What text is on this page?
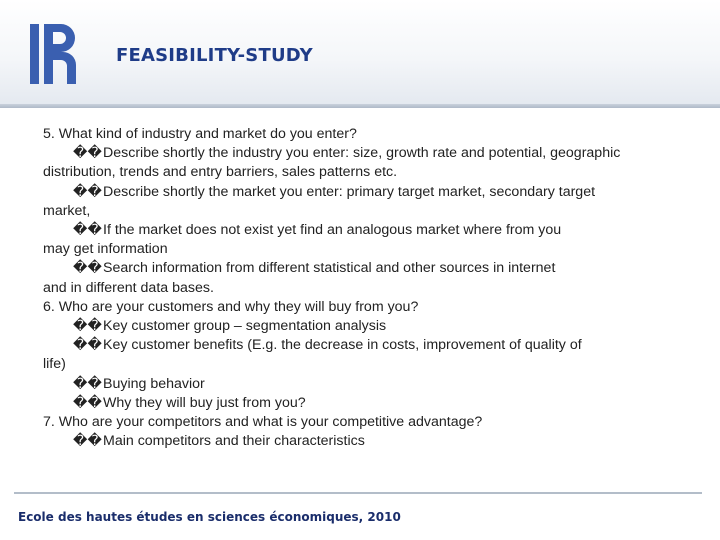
FEASIBILITY-STUDY

5. What kind of industry and market do you enter?

��Describe shortly the industry you enter: size, growth rate and potential, geographic

distribution, trends and entry barriers, sales patterns etc.

��Describe shortly the market you enter: primary target market, secondary target

market,

��If the market does not exist yet find an analogous market where from you

may get information

��Search information from different statistical and other sources in internet

and in different data bases.

6. Who are your customers and why they will buy from you?

��Key customer group – segmentation analysis

��Key customer benefits (E.g. the decrease in costs, improvement of quality of

life)

��Buying behavior

��Why they will buy just from you?

7. Who are your competitors and what is your competitive advantage?

��Main competitors and their characteristics

Ecole des hautes études en sciences économiques, 2010
